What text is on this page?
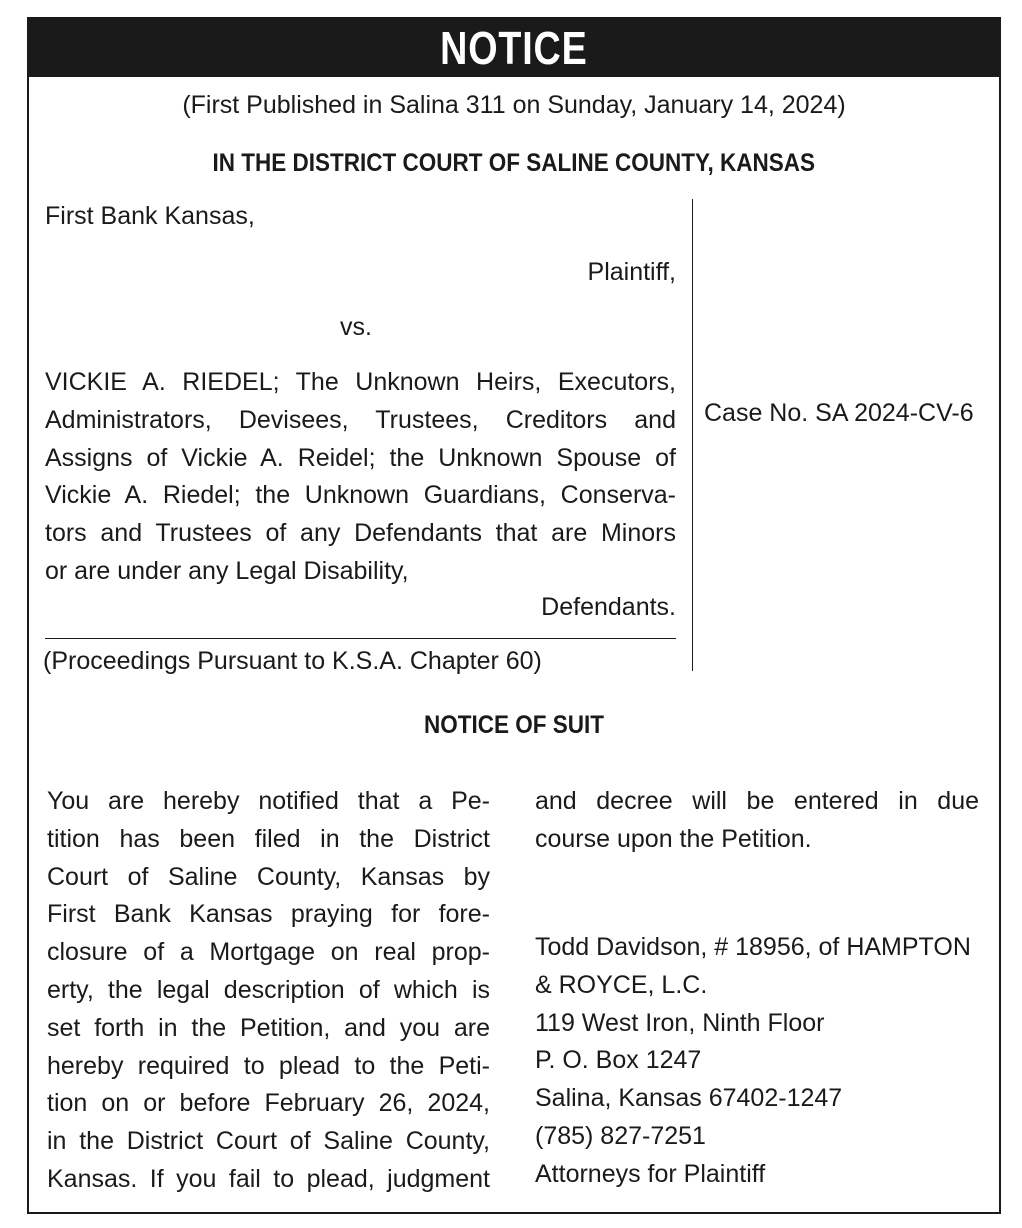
NOTICE
(First Published in Salina 311 on Sunday, January 14, 2024)
IN THE DISTRICT COURT OF SALINE COUNTY, KANSAS
First Bank Kansas,
Plaintiff,
vs.
VICKIE A. RIEDEL; The Unknown Heirs, Executors,
Administrators, Devisees, Trustees, Creditors and
Assigns of Vickie A. Reidel; the Unknown Spouse of
Vickie A. Riedel; the Unknown Guardians, Conserva-
tors and Trustees of any Defendants that are Minors
or are under any Legal Disability,
Defendants.
(Proceedings Pursuant to K.S.A. Chapter 60)
Case No. SA 2024-CV-6
NOTICE OF SUIT
You are hereby notified that a Pe-
tition has been filed in the District
Court of Saline County, Kansas by
First Bank Kansas praying for fore-
closure of a Mortgage on real prop-
erty, the legal description of which is
set forth in the Petition, and you are
hereby required to plead to the Peti-
tion on or before February 26, 2024,
in the District Court of Saline County,
Kansas. If you fail to plead, judgment
and decree will be entered in due
course upon the Petition.
Todd Davidson, # 18956, of HAMPTON
& ROYCE, L.C.
119 West Iron, Ninth Floor
P. O. Box 1247
Salina, Kansas 67402-1247
(785) 827-7251
Attorneys for Plaintiff
